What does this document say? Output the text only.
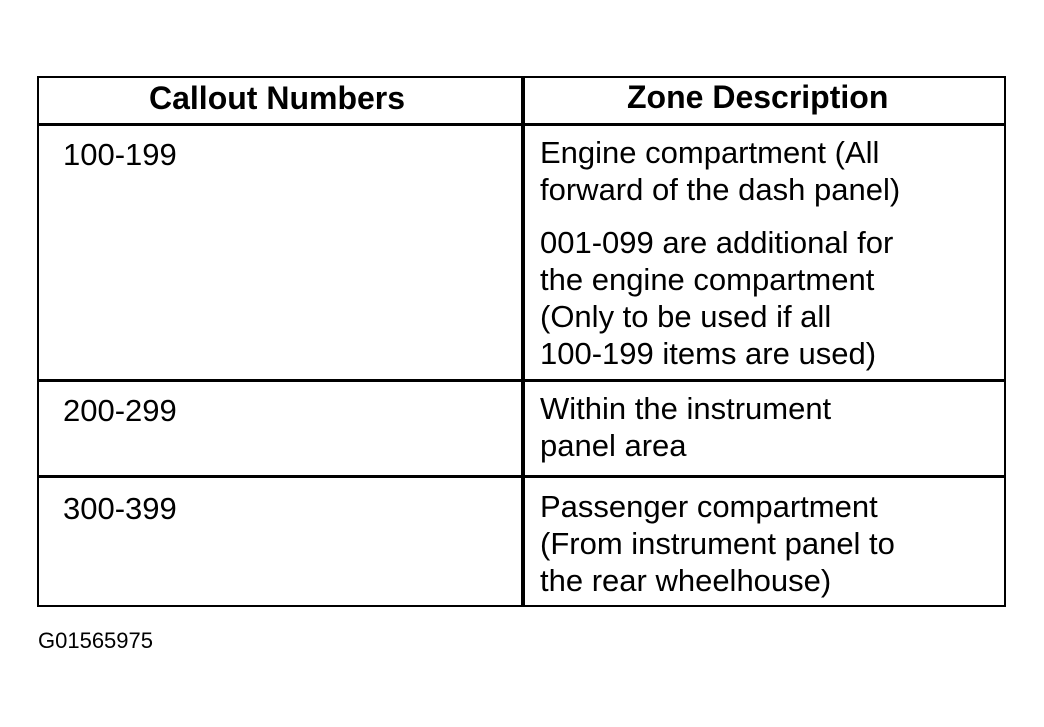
Callout Numbers	Zone Description
100-199	Engine compartment (All
forward of the dash panel)
001-099 are additional for
the engine compartment
(Only to be used if all
100-199 items are used)
200-299	Within the instrument
panel area
300-399	Passenger compartment
(From instrument panel to
the rear wheelhouse)
G01565975
